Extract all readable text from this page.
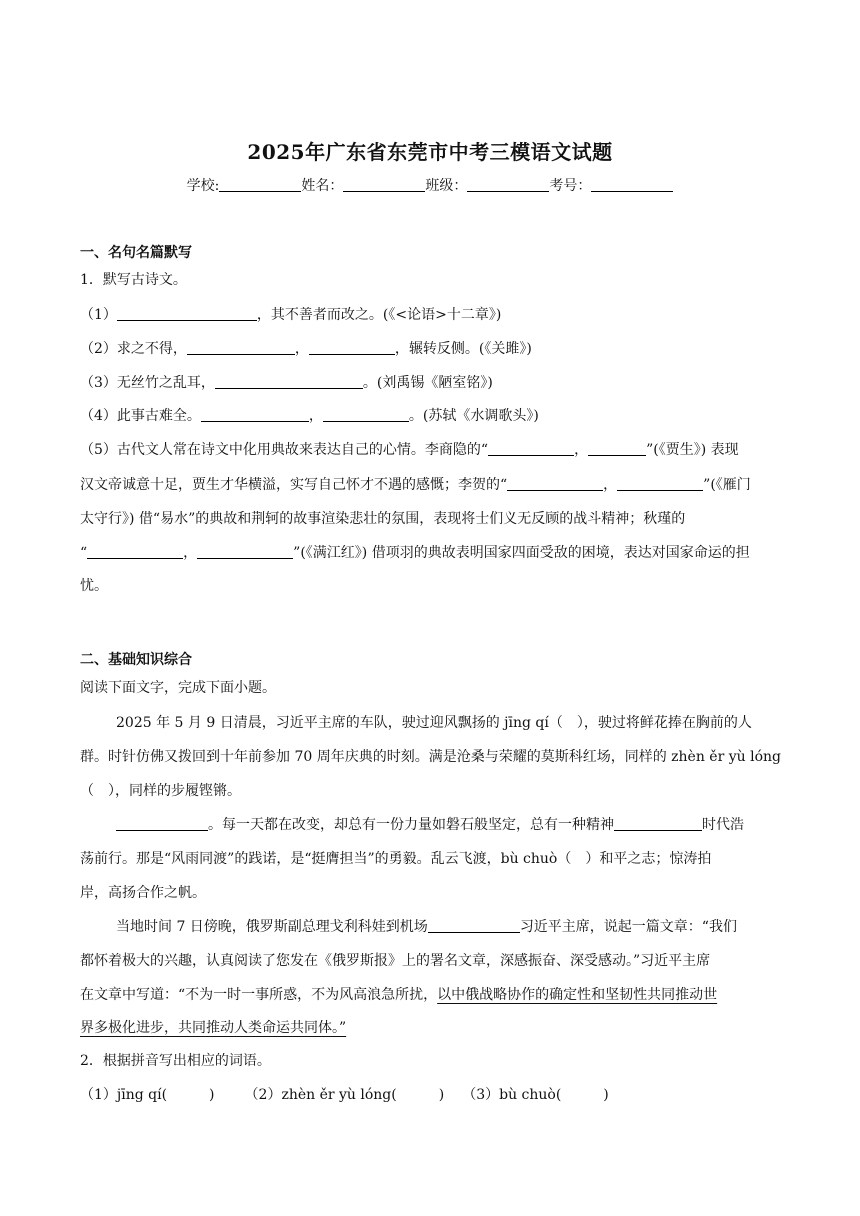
2025年广东省东莞市中考三模语文试题
学校:	姓名：	班级：	考号：
一、名句名篇默写
1．默写古诗文。
（1）	，其不善者而改之。(《<论语>十二章》)
（2）求之不得，	，	，辗转反侧。(《关雎》)
（3）无丝竹之乱耳，	。(刘禹锡《陋室铭》)
（4）此事古难全。	，	。(苏轼《水调歌头》)
（5）古代文人常在诗文中化用典故来表达自己的心情。李商隐的“	，	”(《贾生》) 表现
汉文帝诚意十足，贾生才华横溢，实写自己怀才不遇的感慨；李贺的“	，	”(《雁门
太守行》) 借“易水”的典故和荆轲的故事渲染悲壮的氛围，表现将士们义无反顾的战斗精神；秋瑾的
“	，	”(《满江红》) 借项羽的典故表明国家四面受敌的困境，表达对国家命运的担
忧。
二、基础知识综合
阅读下面文字，完成下面小题。
2025 年 5 月 9 日清晨，习近平主席的车队，驶过迎风飘扬的 jīng qí（　），驶过将鲜花捧在胸前的人
群。时针仿佛又拨回到十年前参加 70 周年庆典的时刻。满是沧桑与荣耀的莫斯科红场，同样的 zhèn ěr yù lóng
（　），同样的步履铿锵。
。每一天都在改变，却总有一份力量如磐石般坚定，总有一种精神	时代浩
荡前行。那是“风雨同渡”的践诺，是“挺膺担当”的勇毅。乱云飞渡，bù chuò（　）和平之志；惊涛拍
岸，高扬合作之帆。
当地时间 7 日傍晚，俄罗斯副总理戈利科娃到机场	习近平主席，说起一篇文章：“我们
都怀着极大的兴趣，认真阅读了您发在《俄罗斯报》上的署名文章，深感振奋、深受感动。”习近平主席
在文章中写道：“不为一时一事所惑，不为风高浪急所扰，以中俄战略协作的确定性和坚韧性共同推动世
界多极化进步，共同推动人类命运共同体。”
2．根据拼音写出相应的词语。
（1）jīng qí(　　　) （2）zhèn ěr yù lóng(　　　) （3）bù chuò(　　　)
